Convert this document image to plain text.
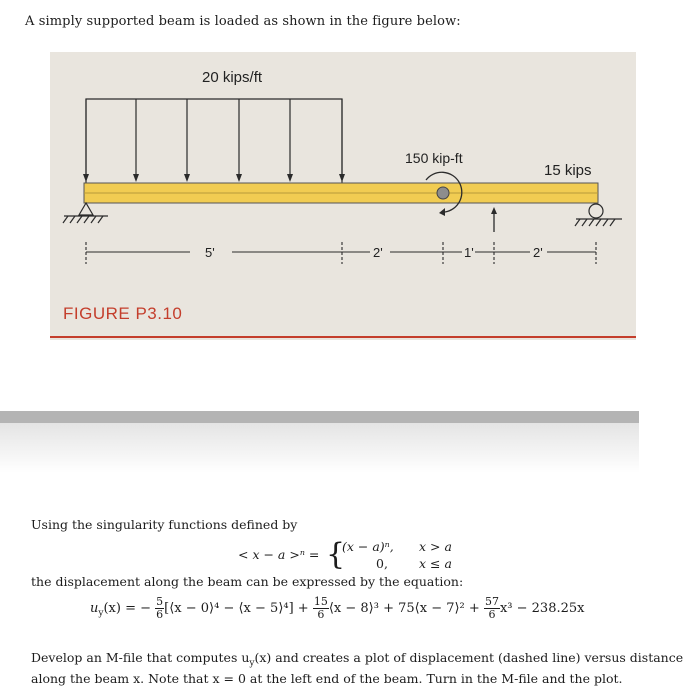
A simply supported beam is loaded as shown in the figure below:
20 kips/ft
150 kip-ft
15 kips
5'	2'	1'	2'
FIGURE P3.10
Using the singularity functions defined by
< x − a >ⁿ = {
(x − a)ⁿ, x > a
0, x ≤ a
the displacement along the beam can be expressed by the equation:
$u_y(x)$ = − $\frac{5}{6}$ [⟨x − 0⟩⁴ − ⟨x − 5⟩⁴] + $\frac{15}{6}$ ⟨x − 8⟩³ + 75⟨x − 7⟩² + $\frac{57}{6} x^3 - 238.25x$
Develop an M-file that computes $u_y(x)$ and creates a plot of displacement (dashed line) versus distance
along the beam x. Note that x = 0 at the left end of the beam. Turn in the M-file and the plot.
